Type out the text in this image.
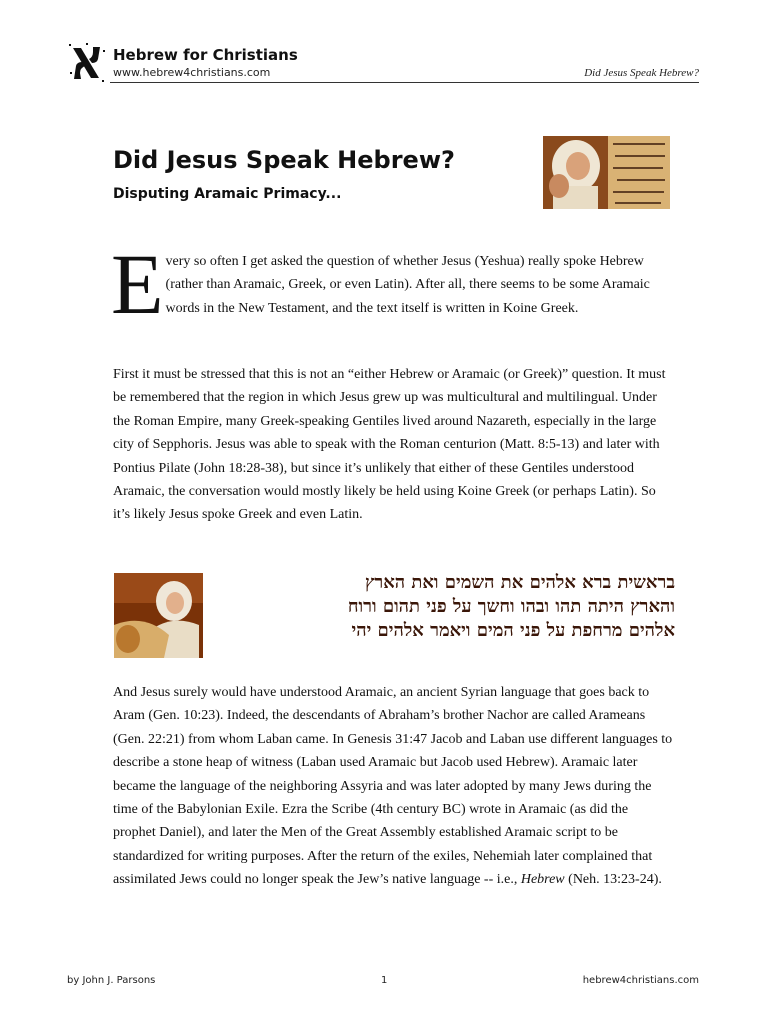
Hebrew for Christians
www.hebrew4christians.com	Did Jesus Speak Hebrew?
Did Jesus Speak Hebrew?
Disputing Aramaic Primacy...
Every so often I get asked the question of whether Jesus (Yeshua) really spoke Hebrew (rather than Aramaic, Greek, or even Latin). After all, there seems to be some Aramaic words in the New Testament, and the text itself is written in Koine Greek.

First it must be stressed that this is not an “either Hebrew or Aramaic (or Greek)” question. It must be remembered that the region in which Jesus grew up was multicultural and multilingual. Under the Roman Empire, many Greek-speaking Gentiles lived around Nazareth, especially in the large city of Sepphoris. Jesus was able to speak with the Roman centurion (Matt. 8:5-13) and later with Pontius Pilate (John 18:28-38), but since it’s unlikely that either of these Gentiles understood Aramaic, the conversation would mostly likely be held using Koine Greek (or perhaps Latin). So it’s likely Jesus spoke Greek and even Latin.

בראשית ברא אלהים את השמים ואת הארץ
והארץ היתה תהו ובהו וחשך על פני תהום ורוח
אלהים מרחפת על פני המים ויאמר אלהים יהי

And Jesus surely would have understood Aramaic, an ancient Syrian language that goes back to Aram (Gen. 10:23). Indeed, the descendants of Abraham’s brother Nachor are called Arameans (Gen. 22:21) from whom Laban came. In Genesis 31:47 Jacob and Laban use different languages to describe a stone heap of witness (Laban used Aramaic but Jacob used Hebrew). Aramaic later became the language of the neighboring Assyria and was later adopted by many Jews during the time of the Babylonian Exile. Ezra the Scribe (4th century BC) wrote in Aramaic (as did the prophet Daniel), and later the Men of the Great Assembly established Aramaic script to be standardized for writing purposes. After the return of the exiles, Nehemiah later complained that assimilated Jews could no longer speak the Jew’s native language -- i.e., Hebrew (Neh. 13:23-24).

by John J. Parsons	1	hebrew4christians.com
